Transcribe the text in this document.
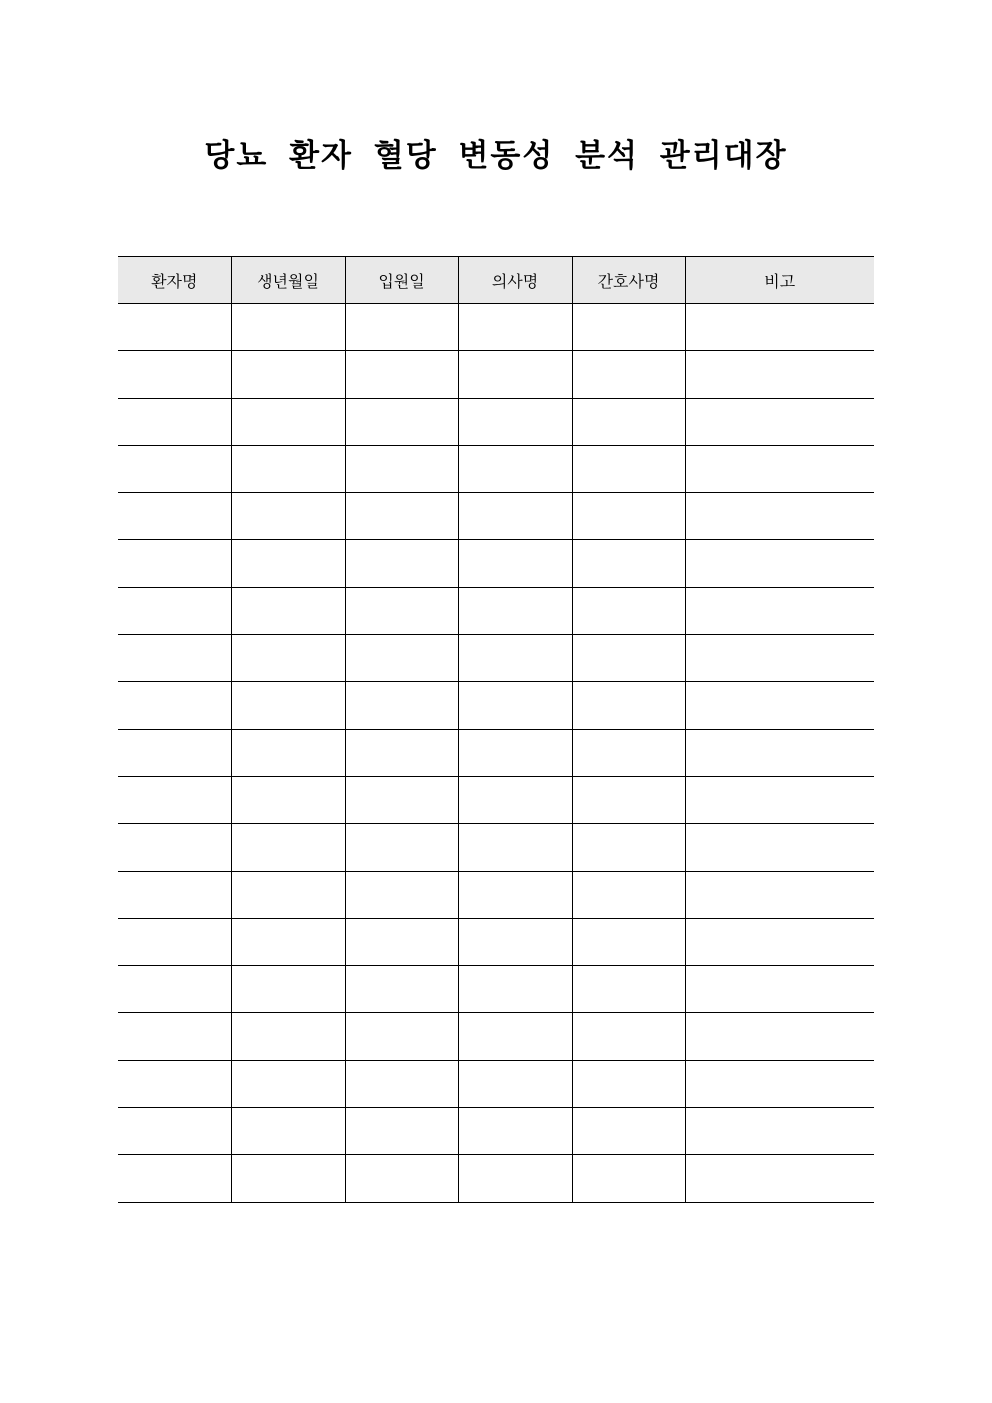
당뇨 환자 혈당 변동성 분석 관리대장
환자명	생년월일	입원일	의사명	간호사명	비고
